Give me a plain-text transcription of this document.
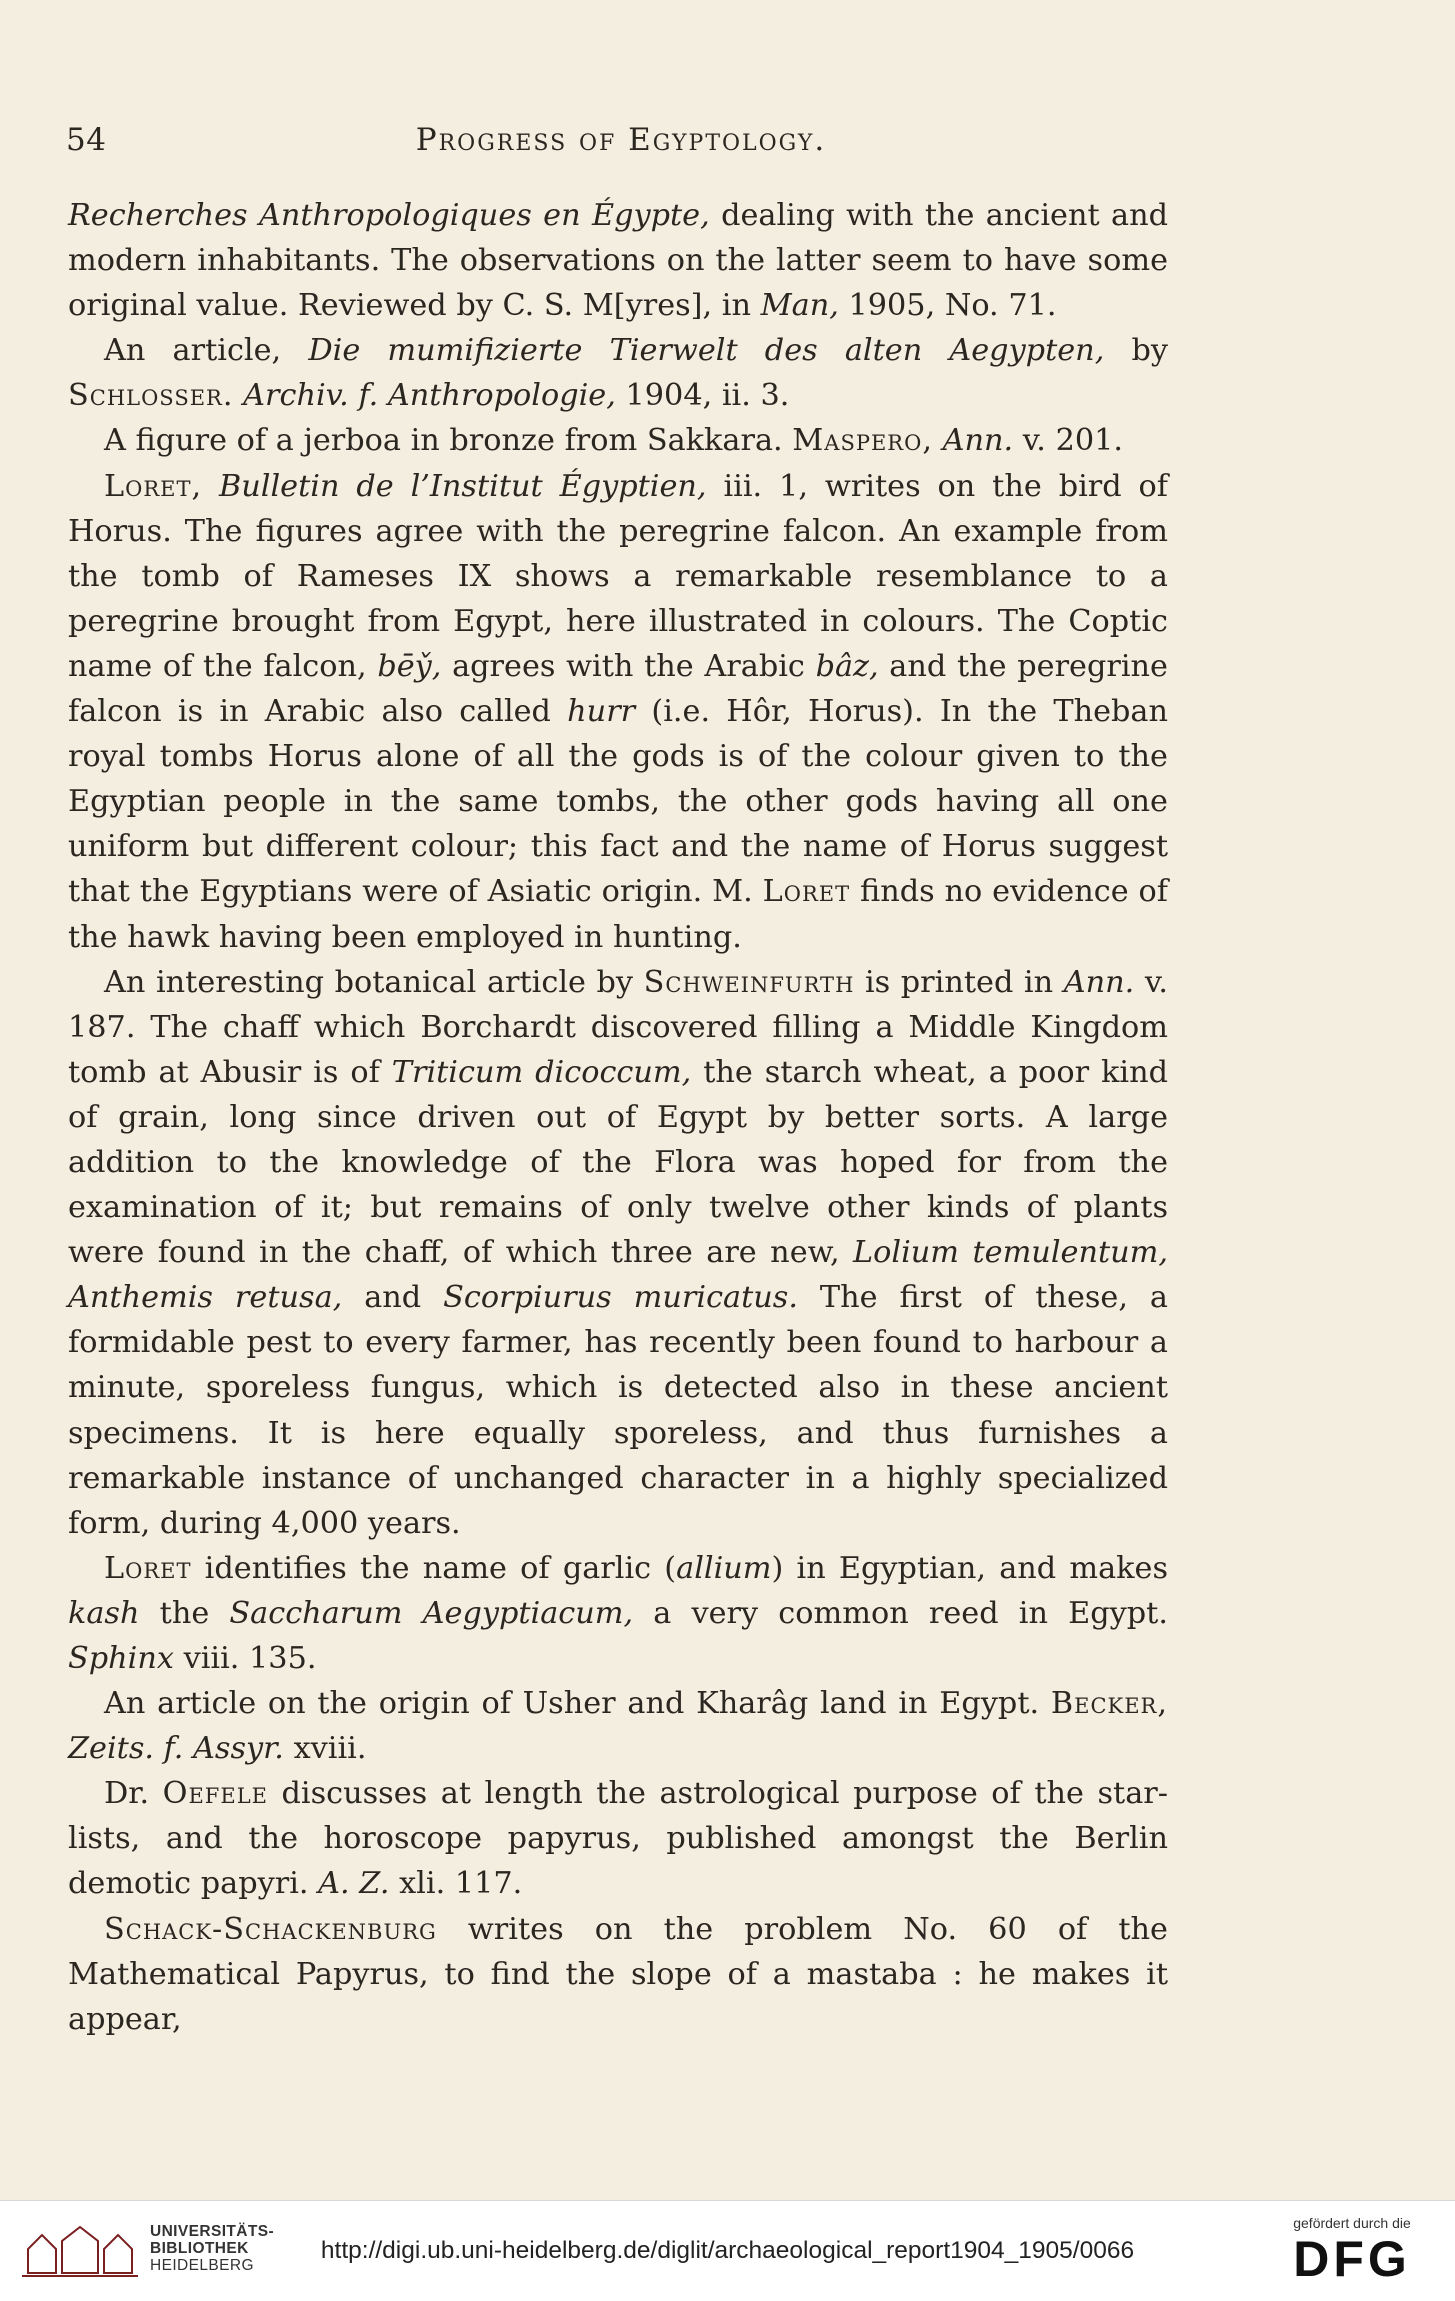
54	Progress of Egyptology.

Recherches Anthropologiques en Égypte, dealing with the ancient and modern inhabitants. The observations on the latter seem to have some original value. Reviewed by C. S. M[yres], in Man, 1905, No. 71.

An article, Die mumifizierte Tierwelt des alten Aegypten, by Schlosser. Archiv. f. Anthropologie, 1904, ii. 3.

A figure of a jerboa in bronze from Sakkara. Maspero, Ann. v. 201.

Loret, Bulletin de l’Institut Égyptien, iii. 1, writes on the bird of Horus. The figures agree with the peregrine falcon. An example from the tomb of Rameses IX shows a remarkable resemblance to a peregrine brought from Egypt, here illustrated in colours. The Coptic name of the falcon, bēy̌, agrees with the Arabic bâz, and the peregrine falcon is in Arabic also called hurr (i.e. Hôr, Horus). In the Theban royal tombs Horus alone of all the gods is of the colour given to the Egyptian people in the same tombs, the other gods having all one uniform but different colour; this fact and the name of Horus suggest that the Egyptians were of Asiatic origin. M. Loret finds no evidence of the hawk having been employed in hunting.

An interesting botanical article by Schweinfurth is printed in Ann. v. 187. The chaff which Borchardt discovered filling a Middle Kingdom tomb at Abusir is of Triticum dicoccum, the starch wheat, a poor kind of grain, long since driven out of Egypt by better sorts. A large addition to the knowledge of the Flora was hoped for from the examination of it; but remains of only twelve other kinds of plants were found in the chaff, of which three are new, Lolium temulentum, Anthemis retusa, and Scorpiurus muricatus. The first of these, a formidable pest to every farmer, has recently been found to harbour a minute, sporeless fungus, which is detected also in these ancient specimens. It is here equally sporeless, and thus furnishes a remarkable instance of unchanged character in a highly specialized form, during 4,000 years.

Loret identifies the name of garlic (allium) in Egyptian, and makes kash the Saccharum Aegyptiacum, a very common reed in Egypt. Sphinx viii. 135.

An article on the origin of Usher and Kharâg land in Egypt. Becker, Zeits. f. Assyr. xviii.

Dr. Oefele discusses at length the astrological purpose of the star-lists, and the horoscope papyrus, published amongst the Berlin demotic papyri. A. Z. xli. 117.

Schack-Schackenburg writes on the problem No. 60 of the Mathematical Papyrus, to find the slope of a mastaba : he makes it appear,

UNIVERSITÄTS-
BIBLIOTHEK
HEIDELBERG
http://digi.ub.uni-heidelberg.de/diglit/archaeological_report1904_1905/0066
gefördert durch die
DFG
